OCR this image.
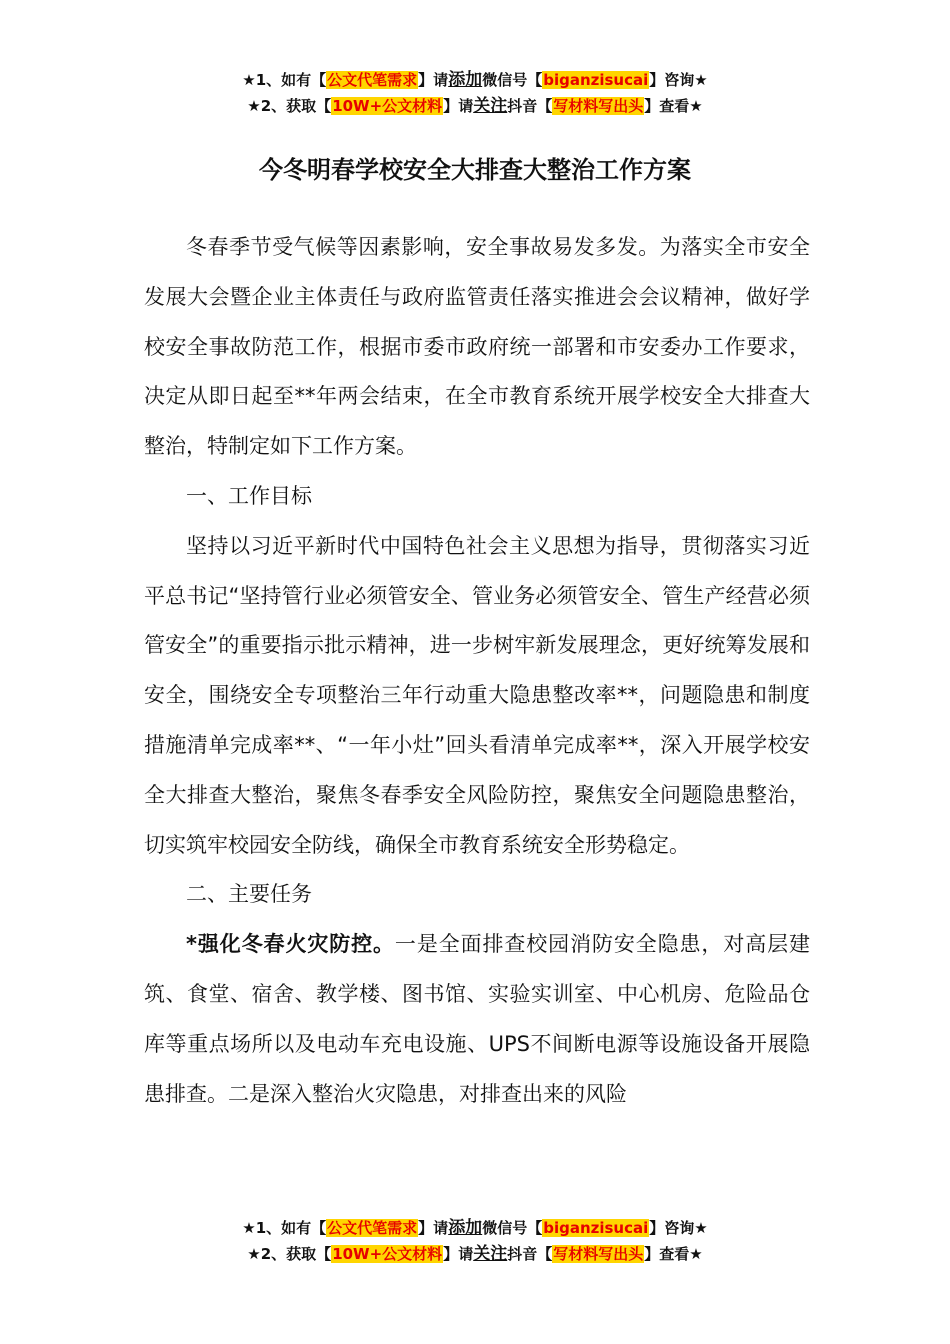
★1、如有【公文代笔需求】请添加微信号【biganzisucai】咨询★
★2、获取【10W+公文材料】请关注抖音【写材料写出头】查看★
今冬明春学校安全大排查大整治工作方案

冬春季节受气候等因素影响，安全事故易发多发。为落实全市安全发展大会暨企业主体责任与政府监管责任落实推进会会议精神，做好学校安全事故防范工作，根据市委市政府统一部署和市安委办工作要求，决定从即日起至**年两会结束，在全市教育系统开展学校安全大排查大整治，特制定如下工作方案。

一、工作目标

坚持以习近平新时代中国特色社会主义思想为指导，贯彻落实习近平总书记“坚持管行业必须管安全、管业务必须管安全、管生产经营必须管安全”的重要指示批示精神，进一步树牢新发展理念，更好统筹发展和安全，围绕安全专项整治三年行动重大隐患整改率**，问题隐患和制度措施清单完成率**、“一年小灶”回头看清单完成率**，深入开展学校安全大排查大整治，聚焦冬春季安全风险防控，聚焦安全问题隐患整治，切实筑牢校园安全防线，确保全市教育系统安全形势稳定。

二、主要任务

*强化冬春火灾防控。一是全面排查校园消防安全隐患，对高层建筑、食堂、宿舍、教学楼、图书馆、实验实训室、中心机房、危险品仓库等重点场所以及电动车充电设施、UPS不间断电源等设施设备开展隐患排查。二是深入整治火灾隐患，对排查出来的风险

★1、如有【公文代笔需求】请添加微信号【biganzisucai】咨询★
★2、获取【10W+公文材料】请关注抖音【写材料写出头】查看★
